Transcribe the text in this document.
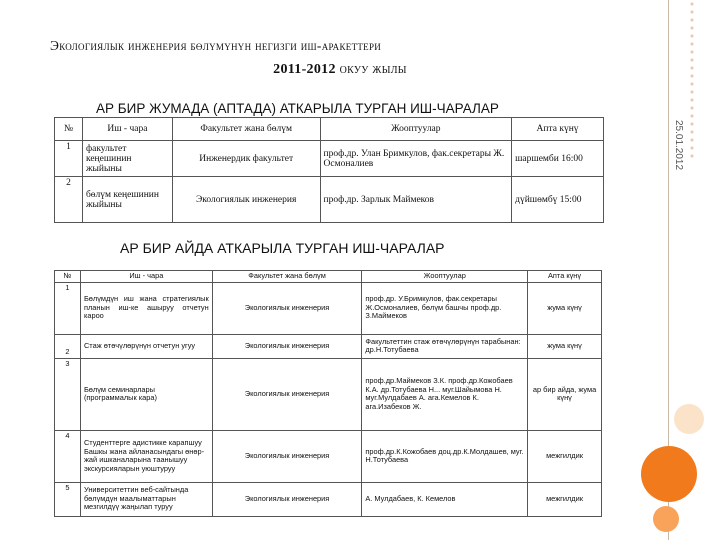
Экологиялык инженерия бөлүмүнүн негизги иш-аракеттери
2011-2012 окуу жылы
25.01.2012
АР БИР ЖУМАДА (АПТАДА) АТКАРЫЛА ТУРГАН ИШ-ЧАРАЛАР
№	Иш - чара	Факультет жана бөлүм	Жооптуулар	Апта күнү
1	факультет кеңешинин жыйыны	Инженердик факультет	проф.др. Улан Бримкулов, фак.секретары Ж. Осмоналиев	шаршемби 16:00
2	бөлүм кеңешинин жыйыны	Экологиялык инженерия	проф.др. Зарлык Маймеков	дүйшөмбү 15:00
АР БИР АЙДА АТКАРЫЛА ТУРГАН ИШ-ЧАРАЛАР
№	Иш - чара	Факультет жана бөлүм	Жооптуулар	Апта күнү
1	Бөлүмдүн иш жана стратегиялык планын иш-ке ашыруу отчетун кароо	Экологиялык инженерия	проф.др. У.Бримкулов, фак.секретары Ж.Осмоналиев, бөлүм башчы проф.др. З.Маймеков	жума күнү
2	Стаж өтөчүлөрүнүн отчетун угуу	Экологиялык инженерия	Факультеттин стаж өтөчүлөрүнүн тарабынан: др.Н.Тотубаева	жума күнү
3	Бөлүм семинарлары (программалык кара)	Экологиялык инженерия	проф.др.Маймеков З.К. проф.др.Кожобаев К.А. др.Тотубаева Н... муг.Шайымова Н. муг.Мулдабаев А. ага.Кемелов К. ага.Изабеков Ж.	ар бир айда, жума күнү
4	Студенттерге адистикке карапшуу Башкы жана айланасындагы өнөр-жай ишканаларына таанышуу экскурсияларын уюштуруу	Экологиялык инженерия	проф.др.К.Кожобаев доц.др.К.Молдашев, муг. Н.Тотубаева	межгилдик
5	Университеттин веб-сайтында бөлүмдүн маалыматтарын мезгилдүү жаңылап туруу	Экологиялык инженерия	А. Мулдабаев, К. Кемелов	межгилдик
